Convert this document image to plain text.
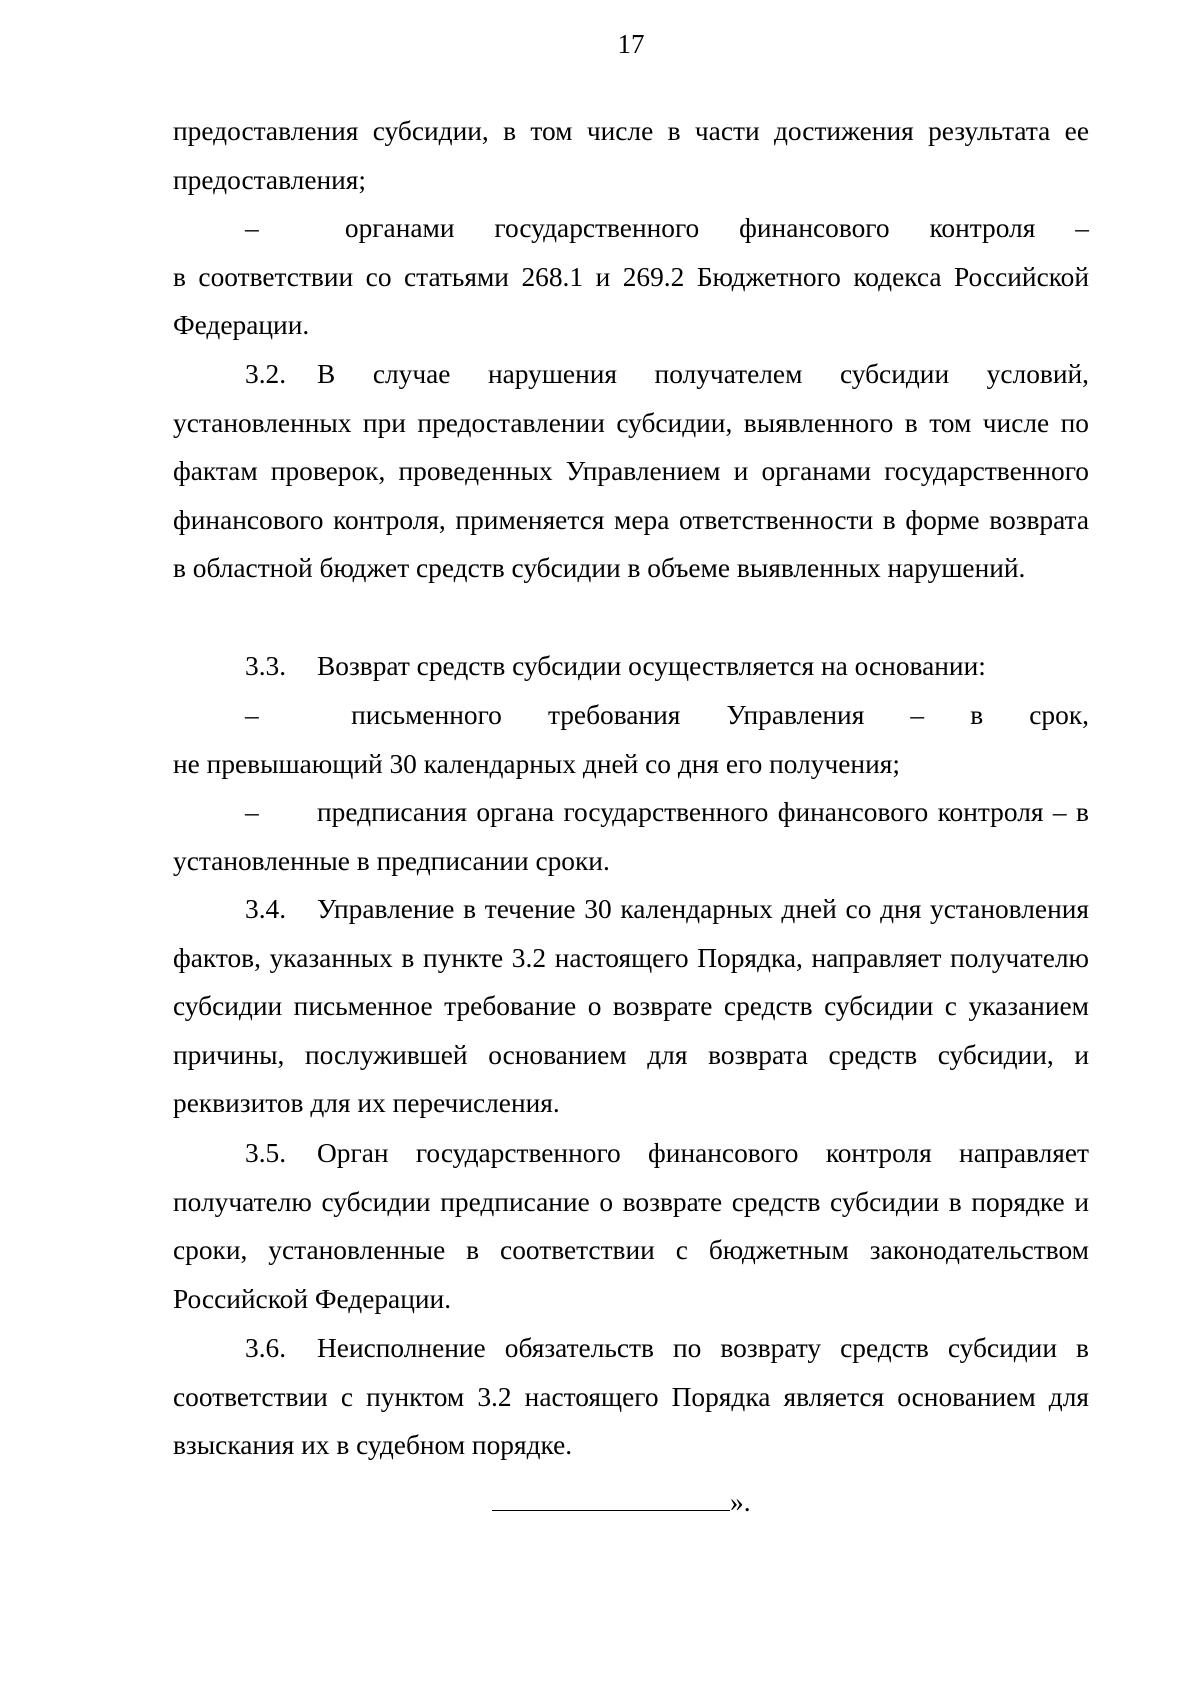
17
предоставления субсидии, в том числе в части достижения результата ее предоставления;
–	органами государственного финансового контроля –
в соответствии со статьями 268.1 и 269.2 Бюджетного кодекса Российской Федерации.
3.2. В случае нарушения получателем субсидии условий, установленных при предоставлении субсидии, выявленного в том числе по фактам проверок, проведенных Управлением и органами государственного финансового контроля, применяется мера ответственности в форме возврата в областной бюджет средств субсидии в объеме выявленных нарушений.
3.3. Возврат средств субсидии осуществляется на основании:
–	письменного требования Управления – в срок,
не превышающий 30 календарных дней со дня его получения;
– предписания органа государственного финансового контроля – в установленные в предписании сроки.
3.4. Управление в течение 30 календарных дней со дня установления фактов, указанных в пункте 3.2 настоящего Порядка, направляет получателю субсидии письменное требование о возврате средств субсидии с указанием причины, послужившей основанием для возврата средств субсидии, и реквизитов для их перечисления.
3.5. Орган государственного финансового контроля направляет получателю субсидии предписание о возврате средств субсидии в порядке и сроки, установленные в соответствии с бюджетным законодательством Российской Федерации.
3.6. Неисполнение обязательств по возврату средств субсидии в соответствии с пунктом 3.2 настоящего Порядка является основанием для взыскания их в судебном порядке.
».
